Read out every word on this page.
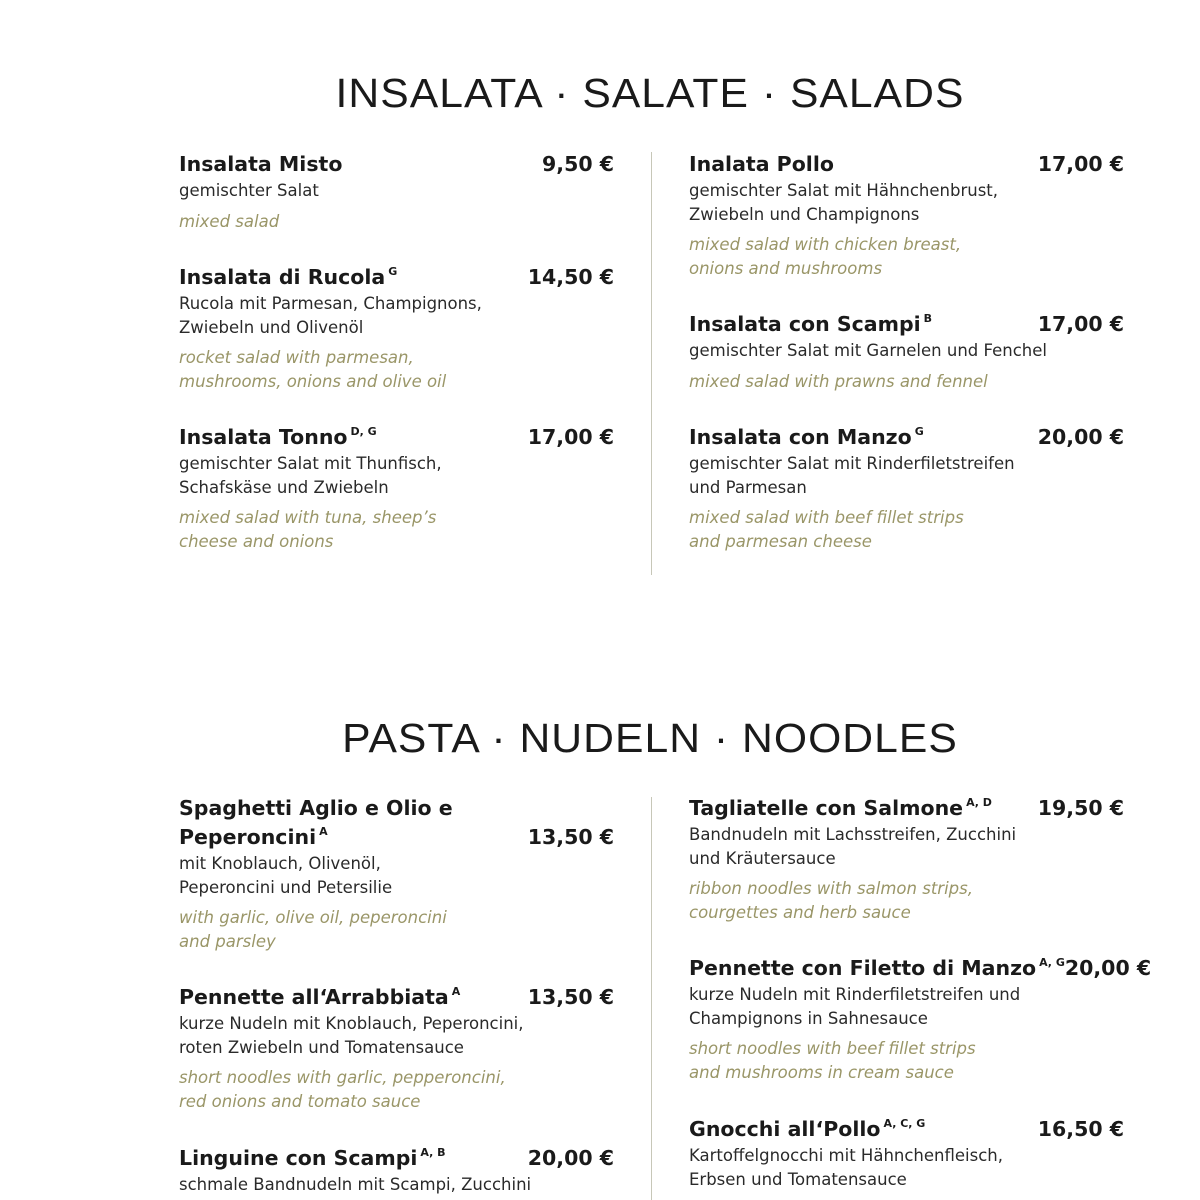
INSALATA · SALATE · SALADS
Insalata Misto	9,50 €
gemischter Salat
mixed salad
Insalata di Rucola $^G$	14,50 €
Rucola mit Parmesan, Champignons, Zwiebeln und Olivenöl
rocket salad with parmesan, mushrooms, onions and olive oil
Insalata Tonno $^{D, G}$	17,00 €
gemischter Salat mit Thunfisch, Schafskäse und Zwiebeln
mixed salad with tuna, sheep’s cheese and onions
Inalata Pollo	17,00 €
gemischter Salat mit Hähnchenbrust, Zwiebeln und Champignons
mixed salad with chicken breast, onions and mushrooms
Insalata con Scampi $^B$	17,00 €
gemischter Salat mit Garnelen und Fenchel
mixed salad with prawns and fennel
Insalata con Manzo $^G$	20,00 €
gemischter Salat mit Rinderfiletstreifen und Parmesan
mixed salad with beef fillet strips and parmesan cheese
PASTA · NUDELN · NOODLES
Spaghetti Aglio e Olio e Peperoncini $^A$	13,50 €
mit Knoblauch, Olivenöl, Peperoncini und Petersilie
with garlic, olive oil, peperoncini and parsley
Pennette all‘Arrabbiata $^A$	13,50 €
kurze Nudeln mit Knoblauch, Peperoncini, roten Zwiebeln und Tomatensauce
short noodles with garlic, pepperoncini, red onions and tomato sauce
Linguine con Scampi $^{A, B}$	20,00 €
schmale Bandnudeln mit Scampi, Zucchini
Tagliatelle con Salmone $^{A, D}$ 19,50 €
Bandnudeln mit Lachsstreifen, Zucchini und Kräutersauce
ribbon noodles with salmon strips, courgettes and herb sauce
Pennette con Filetto di Manzo $^{A, G}$ 20,00 €
kurze Nudeln mit Rinderfiletstreifen und Champignons in Sahnesauce
short noodles with beef fillet strips and mushrooms in cream sauce
Gnocchi all‘Pollo $^{A, C, G}$	16,50 €
Kartoffelgnocchi mit Hähnchenfleisch, Erbsen und Tomatensauce
